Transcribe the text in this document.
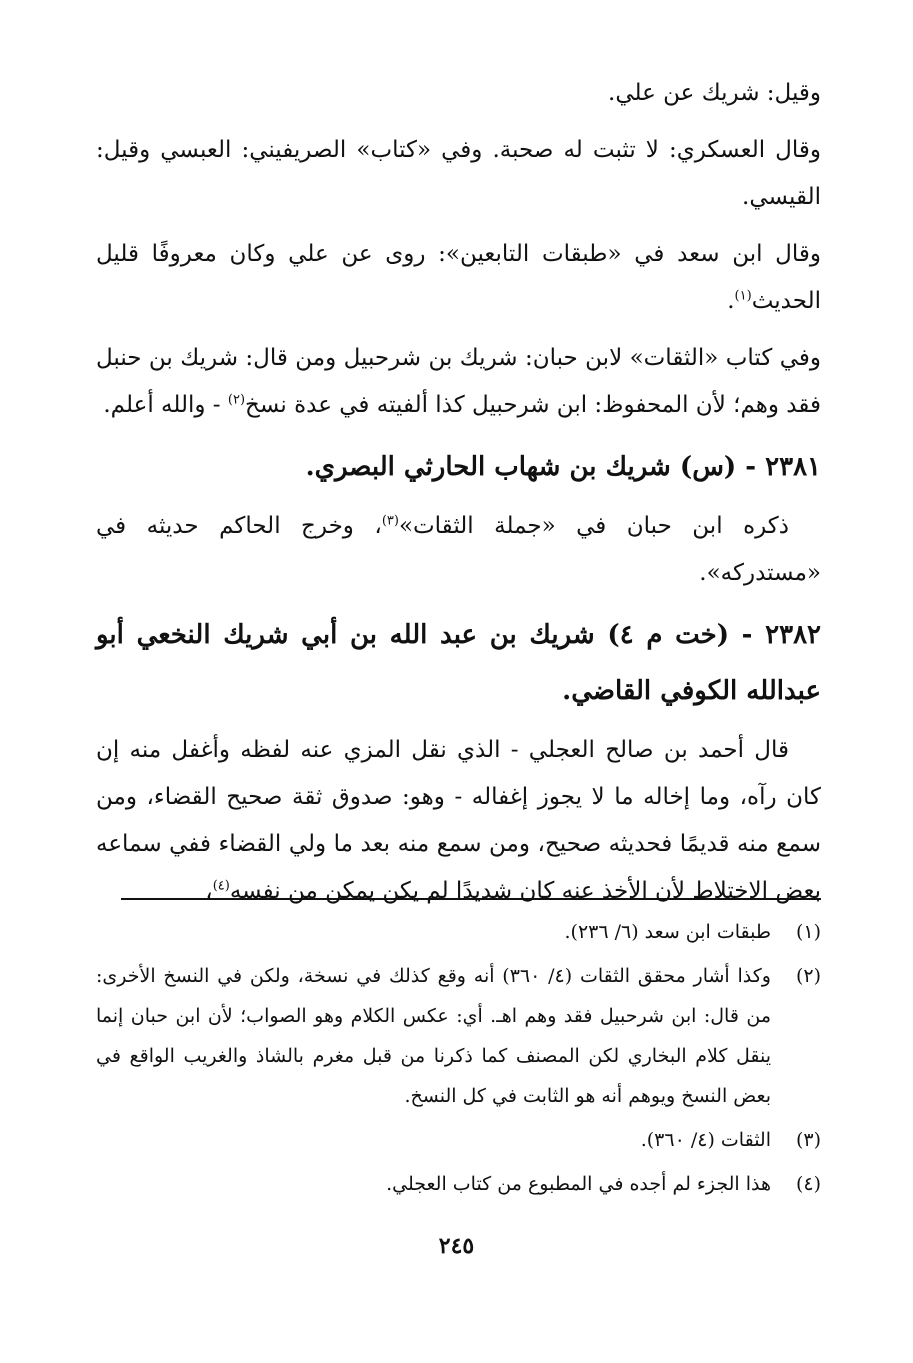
وقيل: شريك عن علي.

وقال العسكري: لا تثبت له صحبة. وفي «كتاب» الصريفيني: العبسي وقيل: القيسي.

وقال ابن سعد في «طبقات التابعين»: روى عن علي وكان معروفًا قليل الحديث$^{(١)}$.

وفي كتاب «الثقات» لابن حبان: شريك بن شرحبيل ومن قال: شريك بن حنبل فقد وهم؛ لأن المحفوظ: ابن شرحبيل كذا ألفيته في عدة نسخ$^{(٢)}$ - والله أعلم.

٢٣٨١ - (س) شريك بن شهاب الحارثي البصري.

ذكره ابن حبان في «جملة الثقات»$^{(٣)}$، وخرج الحاكم حديثه في «مستدركه».

٢٣٨٢ - (خت م ٤) شريك بن عبد الله بن أبي شريك النخعي أبو عبدالله الكوفي القاضي.

قال أحمد بن صالح العجلي - الذي نقل المزي عنه لفظه وأغفل منه إن كان رآه، وما إخاله ما لا يجوز إغفاله - وهو: صدوق ثقة صحيح القضاء، ومن سمع منه قديمًا فحديثه صحيح، ومن سمع منه بعد ما ولي القضاء ففي سماعه بعض الاختلاط لأن الأخذ عنه كان شديدًا لم يكن يمكن من نفسه$^{(٤)}$،

(١)
طبقات ابن سعد (٦/ ٢٣٦).
(٢)
وكذا أشار محقق الثقات (٤/ ٣٦٠) أنه وقع كذلك في نسخة، ولكن في النسخ الأخرى: من قال: ابن شرحبيل فقد وهم اهـ. أي: عكس الكلام وهو الصواب؛ لأن ابن حبان إنما ينقل كلام البخاري لكن المصنف كما ذكرنا من قبل مغرم بالشاذ والغريب الواقع في بعض النسخ ويوهم أنه هو الثابت في كل النسخ.
(٣)
الثقات (٤/ ٣٦٠).
(٤)
هذا الجزء لم أجده في المطبوع من كتاب العجلي.
٢٤٥
